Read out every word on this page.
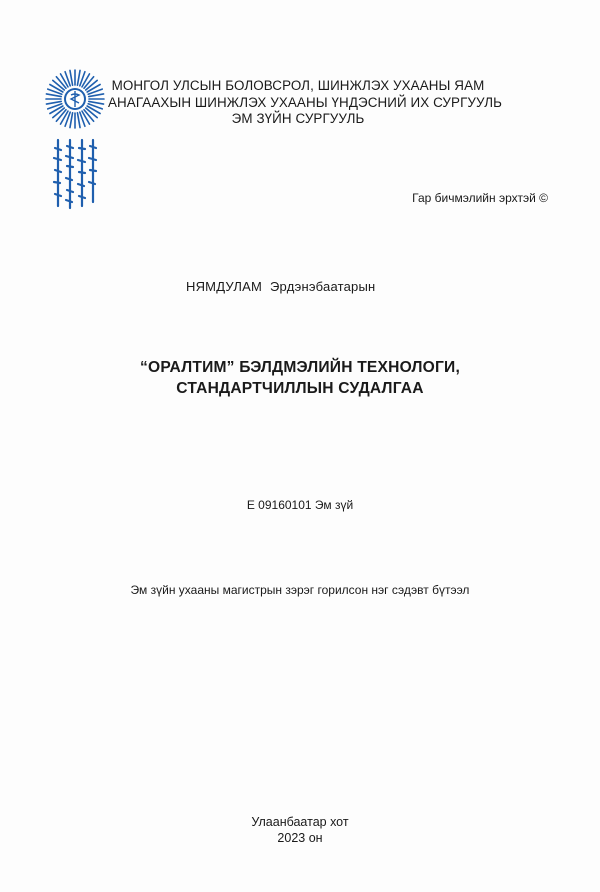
МОНГОЛ УЛСЫН БОЛОВСРОЛ, ШИНЖЛЭХ УХААНЫ ЯАМ
АНАГААХЫН ШИНЖЛЭХ УХААНЫ ҮНДЭСНИЙ ИХ СУРГУУЛЬ
ЭМ ЗҮЙН СУРГУУЛЬ
Гар бичмэлийн эрхтэй ©
НЯМДУЛАМ Эрдэнэбаатарын
“ОРАЛТИМ” БЭЛДМЭЛИЙН ТЕХНОЛОГИ,
СТАНДАРТЧИЛЛЫН СУДАЛГАА
Е 09160101 Эм зүй
Эм зүйн ухааны магистрын зэрэг горилсон нэг сэдэвт бүтээл
Улаанбаатар хот
2023 он
